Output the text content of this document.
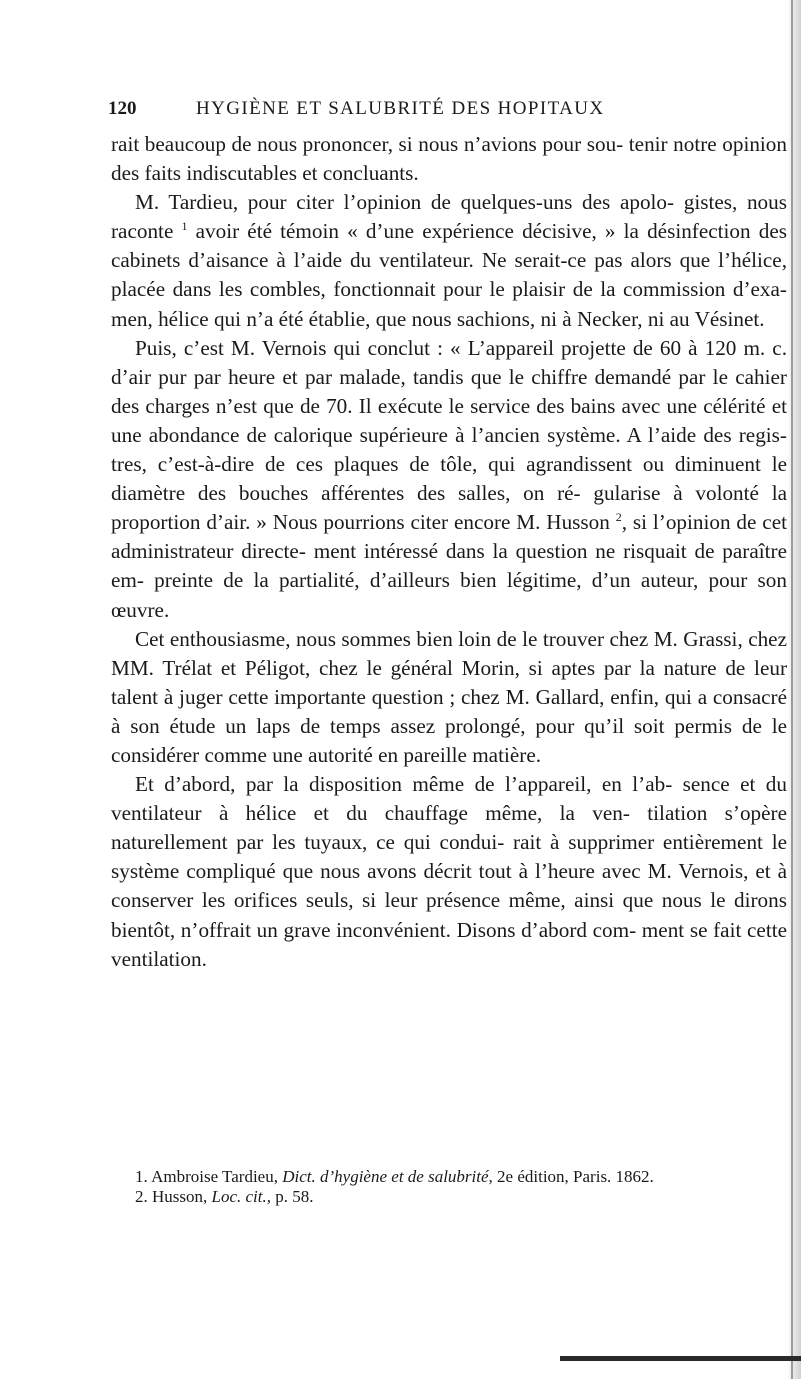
120	HYGIÈNE ET SALUBRITÉ DES HOPITAUX

rait beaucoup de nous prononcer, si nous n’avions pour sou- tenir notre opinion des faits indiscutables et concluants.

M. Tardieu, pour citer l’opinion de quelques-uns des apolo- gistes, nous raconte $^1$ avoir été témoin « d’une expérience décisive, » la désinfection des cabinets d’aisance à l’aide du ventilateur. Ne serait-ce pas alors que l’hélice, placée dans les combles, fonctionnait pour le plaisir de la commission d’exa- men, hélice qui n’a été établie, que nous sachions, ni à Necker, ni au Vésinet.

Puis, c’est M. Vernois qui conclut : « L’appareil projette de 60 à 120 m. c. d’air pur par heure et par malade, tandis que le chiffre demandé par le cahier des charges n’est que de 70. Il exécute le service des bains avec une célérité et une abondance de calorique supérieure à l’ancien système. A l’aide des regis- tres, c’est-à-dire de ces plaques de tôle, qui agrandissent ou diminuent le diamètre des bouches afférentes des salles, on ré- gularise à volonté la proportion d’air. » Nous pourrions citer encore M. Husson $^2$, si l’opinion de cet administrateur directe- ment intéressé dans la question ne risquait de paraître em- preinte de la partialité, d’ailleurs bien légitime, d’un auteur, pour son œuvre.

Cet enthousiasme, nous sommes bien loin de le trouver chez M. Grassi, chez MM. Trélat et Péligot, chez le général Morin, si aptes par la nature de leur talent à juger cette importante question ; chez M. Gallard, enfin, qui a consacré à son étude un laps de temps assez prolongé, pour qu’il soit permis de le considérer comme une autorité en pareille matière.

Et d’abord, par la disposition même de l’appareil, en l’ab- sence et du ventilateur à hélice et du chauffage même, la ven- tilation s’opère naturellement par les tuyaux, ce qui condui- rait à supprimer entièrement le système compliqué que nous avons décrit tout à l’heure avec M. Vernois, et à conserver les orifices seuls, si leur présence même, ainsi que nous le dirons bientôt, n’offrait un grave inconvénient. Disons d’abord com- ment se fait cette ventilation.

1. Ambroise Tardieu, Dict. d’hygiène et de salubrité, 2e édition, Paris. 1862.
2. Husson, Loc. cit., p. 58.
